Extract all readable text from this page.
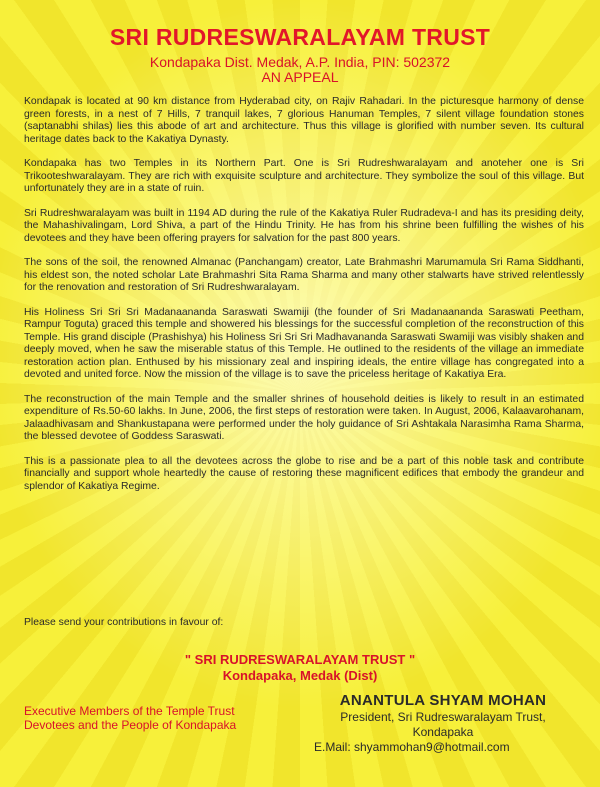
SRI RUDRESWARALAYAM TRUST
Kondapaka Dist. Medak, A.P. India, PIN: 502372
AN APPEAL

Kondapak is located at 90 km distance from Hyderabad city, on Rajiv Rahadari. In the picturesque harmony of dense green forests, in a nest of 7 Hills, 7 tranquil lakes, 7 glorious Hanuman Temples, 7 silent village foundation stones (saptanabhi shilas) lies this abode of art and architecture. Thus this village is glorified with number seven. Its cultural heritage dates back to the Kakatiya Dynasty.

Kondapaka has two Temples in its Northern Part. One is Sri Rudreshwaralayam and anoteher one is Sri Trikooteshwaralayam. They are rich with exquisite sculpture and architecture. They symbolize the soul of this village. But unfortunately they are in a state of ruin.

Sri Rudreshwaralayam was built in 1194 AD during the rule of the Kakatiya Ruler Rudradeva-I and has its presiding deity, the Mahashivalingam, Lord Shiva, a part of the Hindu Trinity. He has from his shrine been fulfilling the wishes of his devotees and they have been offering prayers for salvation for the past 800 years.

The sons of the soil, the renowned Almanac (Panchangam) creator, Late Brahmashri Marumamula Sri Rama Siddhanti, his eldest son, the noted scholar Late Brahmashri Sita Rama Sharma and many other stalwarts have strived relentlessly for the renovation and restoration of Sri Rudreshwaralayam.

His Holiness Sri Sri Sri Madanaananda Saraswati Swamiji (the founder of Sri Madanaananda Saraswati Peetham, Rampur Toguta) graced this temple and showered his blessings for the successful completion of the reconstruction of this Temple. His grand disciple (Prashishya) his Holiness Sri Sri Sri Madhavananda Saraswati Swamiji was visibly shaken and deeply moved, when he saw the miserable status of this Temple. He outlined to the residents of the village an immediate restoration action plan. Enthused by his missionary zeal and inspiring ideals, the entire village has congregated into a devoted and united force. Now the mission of the village is to save the priceless heritage of Kakatiya Era.

The reconstruction of the main Temple and the smaller shrines of household deities is likely to result in an estimated expenditure of Rs.50-60 lakhs. In June, 2006, the first steps of restoration were taken. In August, 2006, Kalaavarohanam, Jalaadhivasam and Shankustapana were performed under the holy guidance of Sri Ashtakala Narasimha Rama Sharma, the blessed devotee of Goddess Saraswati.

This is a passionate plea to all the devotees across the globe to rise and be a part of this noble task and contribute financially and support whole heartedly the cause of restoring these magnificent edifices that embody the grandeur and splendor of Kakatiya Regime.

Please send your contributions in favour of:
" SRI RUDRESWARALAYAM TRUST "
Kondapaka, Medak (Dist)
Executive Members of the Temple Trust
Devotees and the People of Kondapaka
ANANTULA SHYAM MOHAN
President, Sri Rudreswaralayam Trust,
Kondapaka
E.Mail: shyammohan9@hotmail.com
